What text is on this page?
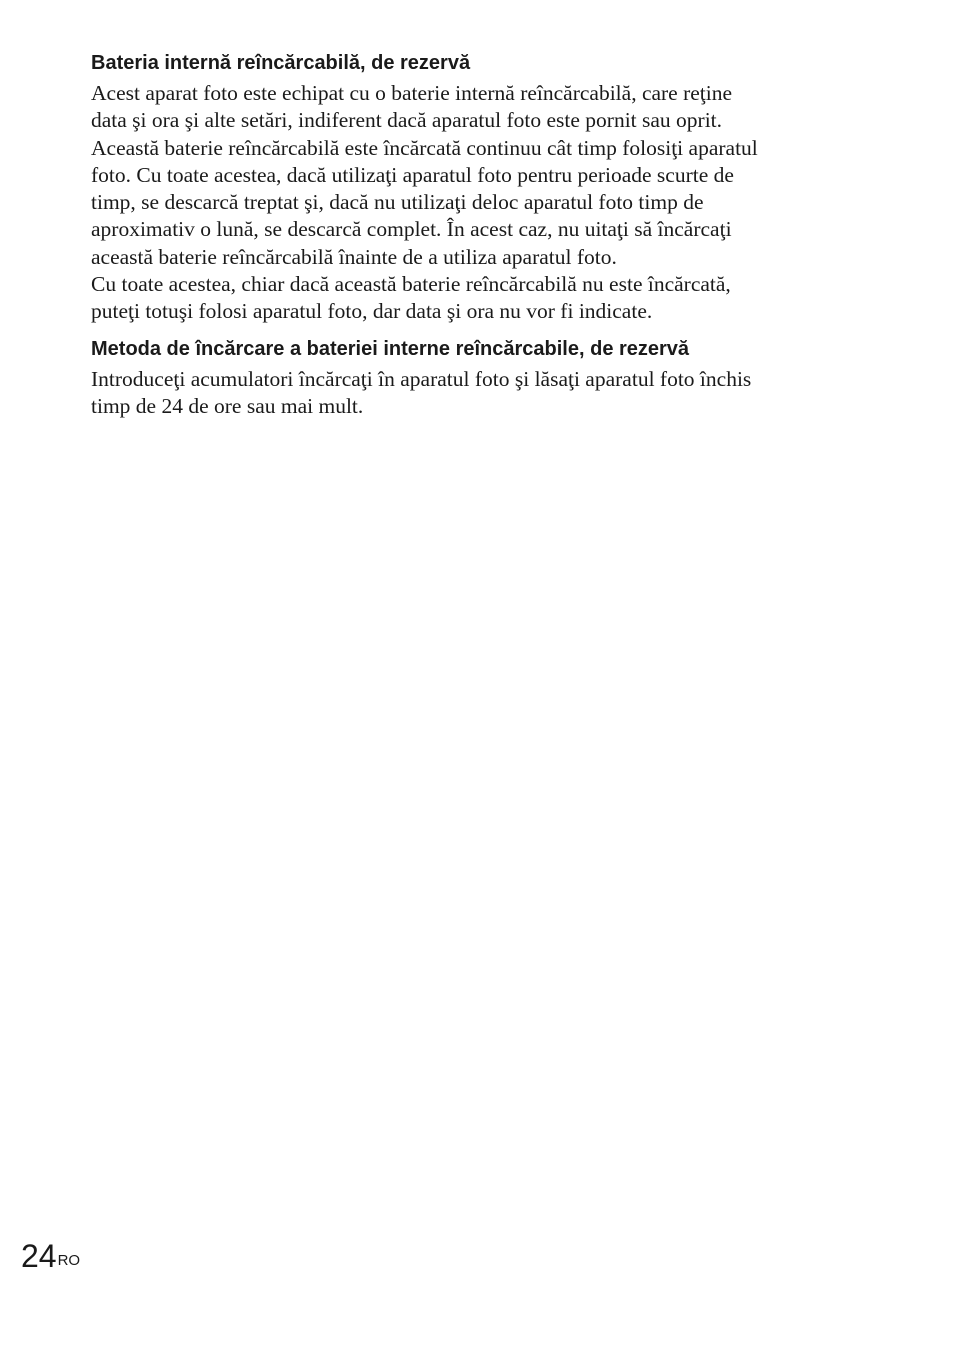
Bateria internă reîncărcabilă, de rezervă

Acest aparat foto este echipat cu o baterie internă reîncărcabilă, care reţine
data şi ora şi alte setări, indiferent dacă aparatul foto este pornit sau oprit.
Această baterie reîncărcabilă este încărcată continuu cât timp folosiţi aparatul
foto. Cu toate acestea, dacă utilizaţi aparatul foto pentru perioade scurte de
timp, se descarcă treptat şi, dacă nu utilizaţi deloc aparatul foto timp de
aproximativ o lună, se descarcă complet. În acest caz, nu uitaţi să încărcaţi
această baterie reîncărcabilă înainte de a utiliza aparatul foto.

Cu toate acestea, chiar dacă această baterie reîncărcabilă nu este încărcată,
puteţi totuşi folosi aparatul foto, dar data şi ora nu vor fi indicate.

Metoda de încărcare a bateriei interne reîncărcabile, de rezervă

Introduceţi acumulatori încărcaţi în aparatul foto şi lăsaţi aparatul foto închis
timp de 24 de ore sau mai mult.

$24^{RO}$
